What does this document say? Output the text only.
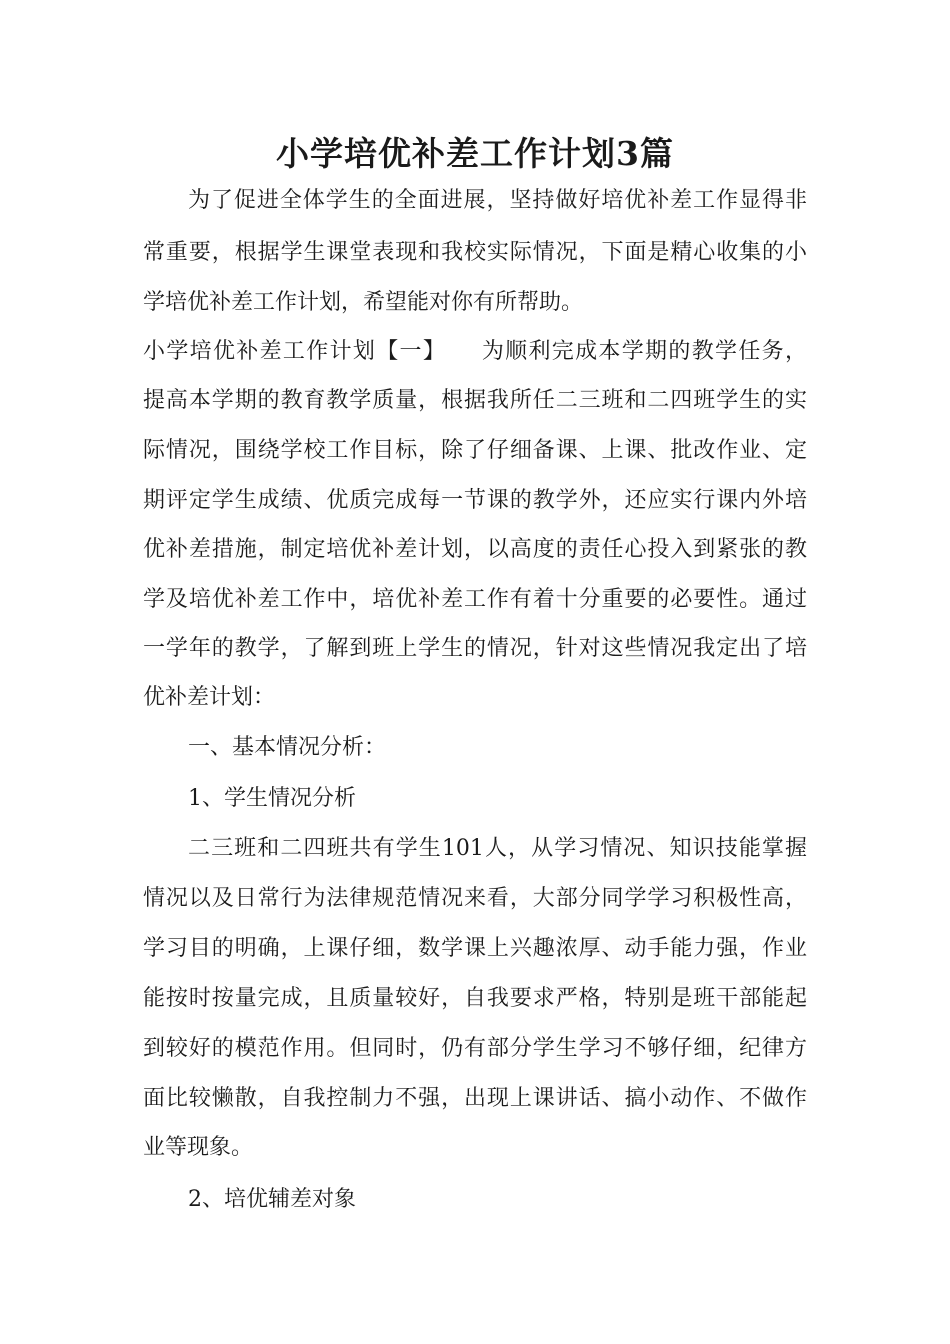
小学培优补差工作计划3篇

为了促进全体学生的全面进展，坚持做好培优补差工作显得非

常重要，根据学生课堂表现和我校实际情况，下面是精心收集的小

学培优补差工作计划，希望能对你有所帮助。

小学培优补差工作计划【一】　　为顺利完成本学期的教学任务，

提高本学期的教育教学质量，根据我所任二三班和二四班学生的实

际情况，围绕学校工作目标，除了仔细备课、上课、批改作业、定

期评定学生成绩、优质完成每一节课的教学外，还应实行课内外培

优补差措施，制定培优补差计划，以高度的责任心投入到紧张的教

学及培优补差工作中，培优补差工作有着十分重要的必要性。通过

一学年的教学，了解到班上学生的情况，针对这些情况我定出了培

优补差计划：

一、基本情况分析：

1、学生情况分析

二三班和二四班共有学生101人，从学习情况、知识技能掌握

情况以及日常行为法律规范情况来看，大部分同学学习积极性高，

学习目的明确，上课仔细，数学课上兴趣浓厚、动手能力强，作业

能按时按量完成，且质量较好，自我要求严格，特别是班干部能起

到较好的模范作用。但同时，仍有部分学生学习不够仔细，纪律方

面比较懒散，自我控制力不强，出现上课讲话、搞小动作、不做作

业等现象。

2、培优辅差对象
